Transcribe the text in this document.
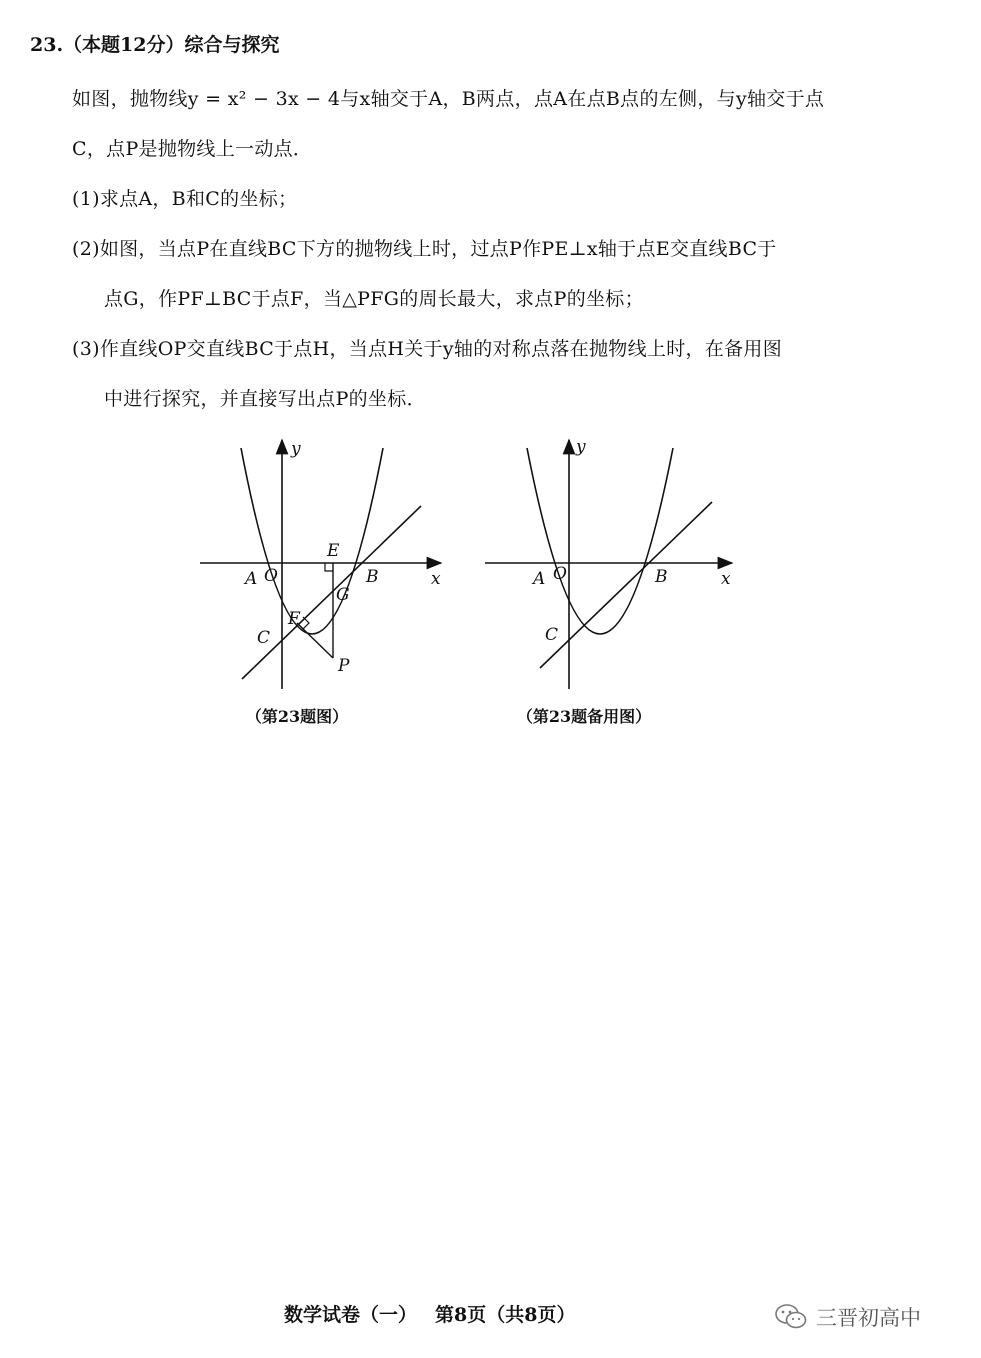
23.（本题12分）综合与探究
如图，抛物线y = x² − 3x − 4与x轴交于A，B两点，点A在点B点的左侧，与y轴交于点
C，点P是抛物线上一动点．
(1)求点A，B和C的坐标；
(2)如图，当点P在直线BC下方的抛物线上时，过点P作PE⊥x轴于点E交直线BC于
点G，作PF⊥BC于点F，当△PFG的周长最大，求点P的坐标；
(3)作直线OP交直线BC于点H，当点H关于y轴的对称点落在抛物线上时，在备用图
中进行探究，并直接写出点P的坐标．
y
x
A O	B
C
E
F
G
P
y
x
A O	B
C
（第23题图）	（第23题备用图）
数学试卷（一） 第8页（共8页）	三晋初高中
